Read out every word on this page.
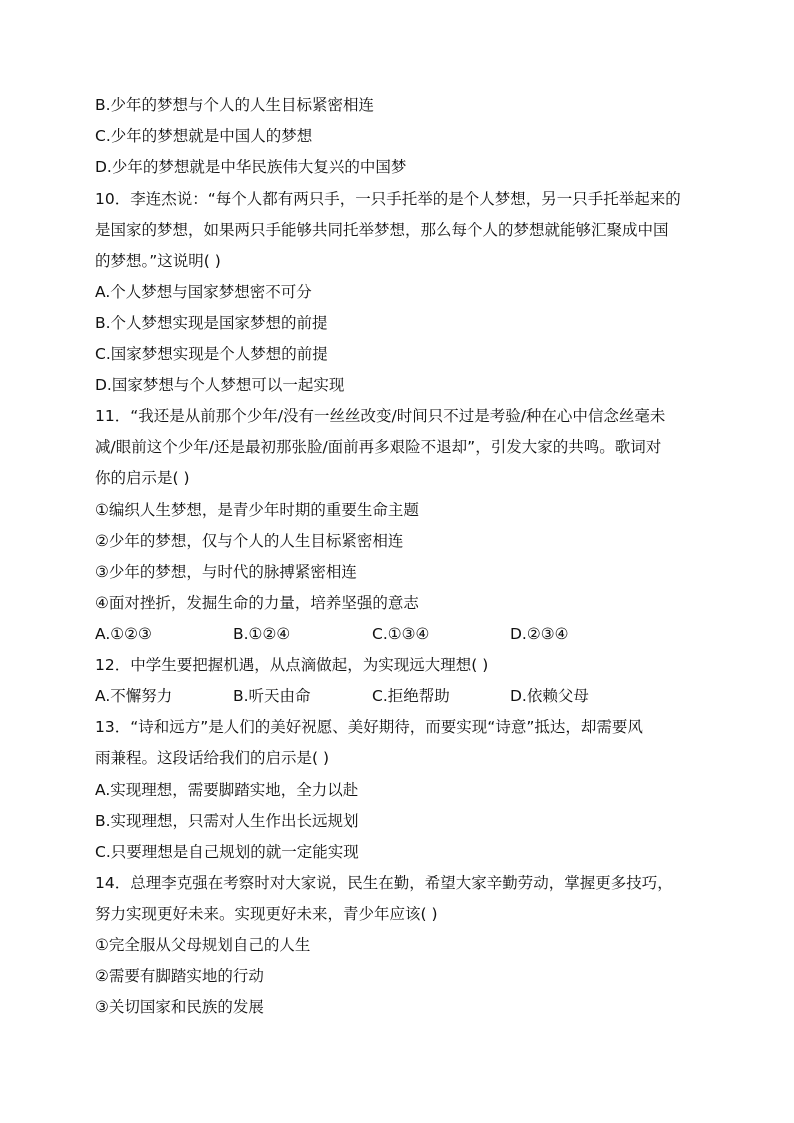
B.少年的梦想与个人的人生目标紧密相连
C.少年的梦想就是中国人的梦想
D.少年的梦想就是中华民族伟大复兴的中国梦
10．李连杰说：“每个人都有两只手，一只手托举的是个人梦想，另一只手托举起来的
是国家的梦想，如果两只手能够共同托举梦想，那么每个人的梦想就能够汇聚成中国
的梦想。”这说明( )
A.个人梦想与国家梦想密不可分
B.个人梦想实现是国家梦想的前提
C.国家梦想实现是个人梦想的前提
D.国家梦想与个人梦想可以一起实现
11．“我还是从前那个少年/没有一丝丝改变/时间只不过是考验/种在心中信念丝毫未
减/眼前这个少年/还是最初那张脸/面前再多艰险不退却”，引发大家的共鸣。歌词对
你的启示是( )
①编织人生梦想，是青少年时期的重要生命主题
②少年的梦想，仅与个人的人生目标紧密相连
③少年的梦想，与时代的脉搏紧密相连
④面对挫折，发掘生命的力量，培养坚强的意志
A.①②③	B.①②④	C.①③④	D.②③④
12．中学生要把握机遇，从点滴做起，为实现远大理想( )
A.不懈努力	B.听天由命	C.拒绝帮助	D.依赖父母
13．“诗和远方”是人们的美好祝愿、美好期待，而要实现“诗意”抵达，却需要风
雨兼程。这段话给我们的启示是( )
A.实现理想，需要脚踏实地，全力以赴
B.实现理想，只需对人生作出长远规划
C.只要理想是自己规划的就一定能实现
14．总理李克强在考察时对大家说，民生在勤，希望大家辛勤劳动，掌握更多技巧，
努力实现更好未来。实现更好未来，青少年应该( )
①完全服从父母规划自己的人生
②需要有脚踏实地的行动
③关切国家和民族的发展
